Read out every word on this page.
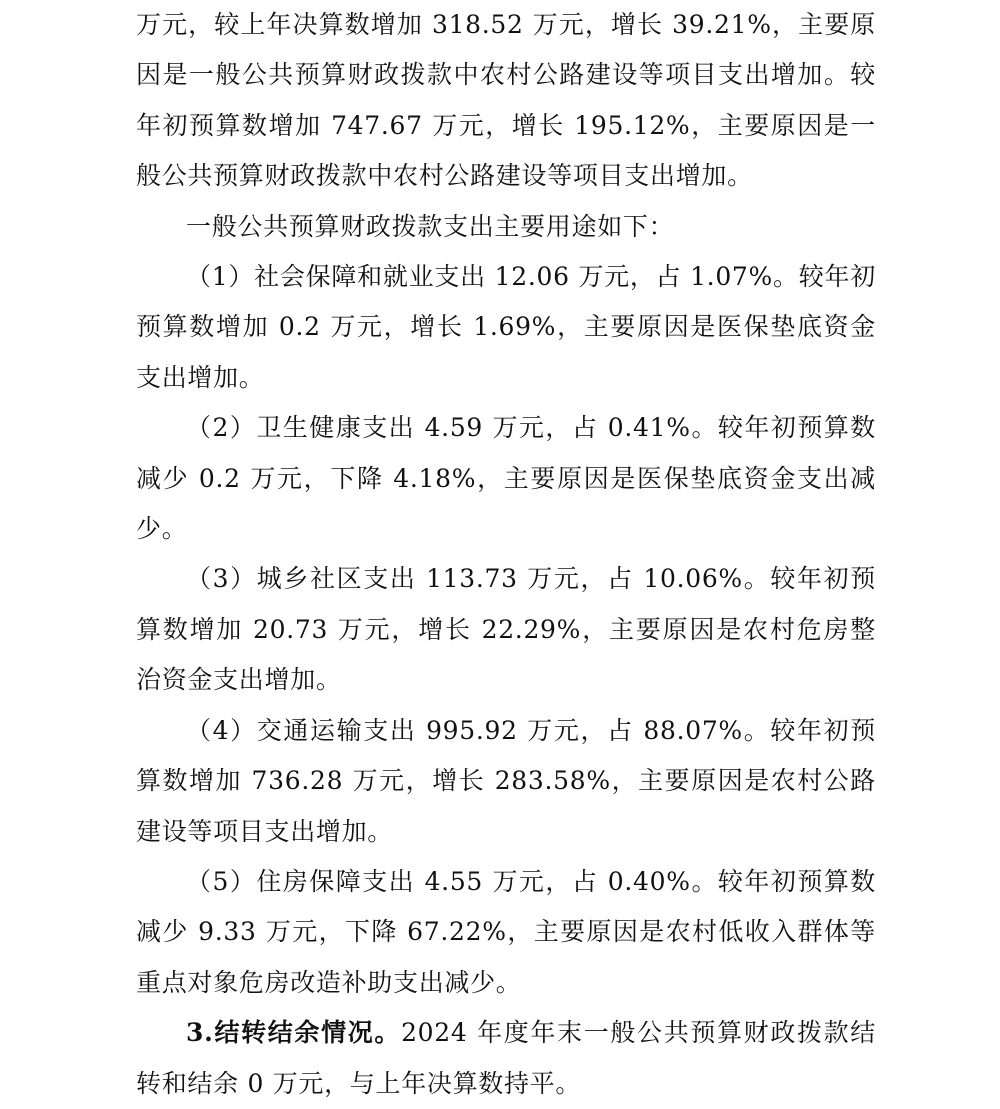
万元，较上年决算数增加 318.52 万元，增长 39.21%，主要原因是一般公共预算财政拨款中农村公路建设等项目支出增加。较年初预算数增加 747.67 万元，增长 195.12%，主要原因是一般公共预算财政拨款中农村公路建设等项目支出增加。

一般公共预算财政拨款支出主要用途如下：

（1）社会保障和就业支出 12.06 万元，占 1.07%。较年初预算数增加 0.2 万元，增长 1.69%，主要原因是医保垫底资金支出增加。

（2）卫生健康支出 4.59 万元，占 0.41%。较年初预算数减少 0.2 万元，下降 4.18%，主要原因是医保垫底资金支出减少。

（3）城乡社区支出 113.73 万元，占 10.06%。较年初预算数增加 20.73 万元，增长 22.29%，主要原因是农村危房整治资金支出增加。

（4）交通运输支出 995.92 万元，占 88.07%。较年初预算数增加 736.28 万元，增长 283.58%，主要原因是农村公路建设等项目支出增加。

（5）住房保障支出 4.55 万元，占 0.40%。较年初预算数减少 9.33 万元，下降 67.22%，主要原因是农村低收入群体等重点对象危房改造补助支出减少。

3.结转结余情况。2024 年度年末一般公共预算财政拨款结转和结余 0 万元，与上年决算数持平。
